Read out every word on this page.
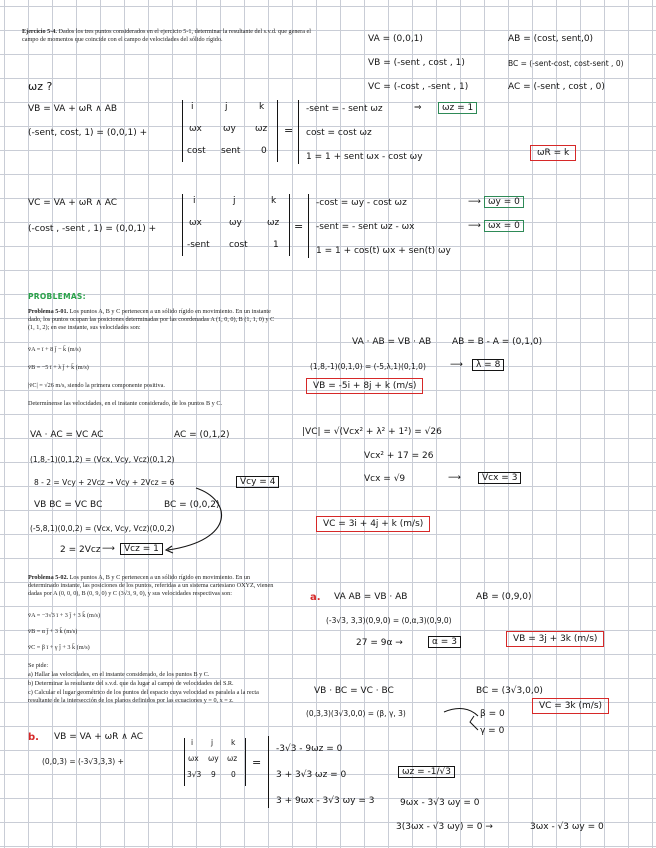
Ejercicio 5-4. Dados los tres puntos considerados en el ejercicio 5-1, determinar la resultante del s.v.d. que genera el campo de momentos que coincide con el campo de velocidades del sólido rígido.	VA = (0,0,1)
VB = (-sent , cost , 1)
VC = (-cost , -sent , 1)
AB = (cost, sent,0)
BC = (-sent-cost, cost-sent , 0)
AC = (-sent , cost , 0)
ωz ?
VB = VA + ωR ∧ AB
(-sent, cost, 1) = (0,0,1) +
i	j	k
ωx ωy ωz
cost sent 0
=
-sent = - sent ωz	⇒	ωz = 1
cost = cost ωz
1 = 1 + sent ωx - cost ωy	ωR = k
VC = VA + ωR ∧ AC
(-cost , -sent , 1) = (0,0,1) +
i	j	k
ωx	ωy	ωz
-sent cost	1
=
-cost = ωy - cost ωz	⟶ ωy = 0
-sent = - sent ωz - ωx	⟶ ωx = 0
1 = 1 + cos(t) ωx + sen(t) ωy
PROBLEMAS:
Problema 5-01. Los puntos A, B y C pertenecen a un sólido rígido en movimiento. En un instante dado, los puntos ocupan las posiciones determinadas por las coordenadas A (1, 0, 0), B (1, 1, 0) y C (1, 1, 2); en ese instante, sus velocidades son:
v̄A = ī + 8 j̄ − k̄ (m/s)
v̄B = −5 ī + λ j̄ + k̄ (m/s)
|v̄C| = √26 m/s, siendo la primera componente positiva.
Determínense las velocidades, en el instante considerado, de los puntos B y C.
VA · AB = VB · AB AB = B - A = (0,1,0)
(1,8,-1)(0,1,0) = (-5,λ,1)(0,1,0)	⟶	λ = 8
VB = -5i + 8j + k (m/s)
|VC| = √(Vcx² + λ² + 1²) = √26
Vcx² + 17 = 26
Vcx = √9	⟶	Vcx = 3
VC = 3i + 4j + k (m/s)
VA · AC = VC AC	AC = (0,1,2)
(1,8,-1)(0,1,2) = (Vcx, Vcy, Vcz)(0,1,2)
8 - 2 = Vcy + 2Vcz → Vcy + 2Vcz = 6	Vcy = 4
VB BC = VC BC	BC = (0,0,2)
(-5,8,1)(0,0,2) = (Vcx, Vcy, Vcz)(0,0,2)
2 = 2Vcz ⟶	Vcz = 1
Problema 5-02. Los puntos A, B y C pertenecen a un sólido rígido en movimiento. En un determinado instante, las posiciones de los puntos, referidas a un sistema cartesiano OXYZ, vienen dadas por A (0, 0, 0), B (0, 9, 0) y C (3√3, 9, 0), y sus velocidades respectivas son:
v̄A = −3√3 ī + 3 j̄ + 3 k̄ (m/s)
v̄B = α j̄ + 3 k̄ (m/s)
v̄C = β ī + γ j̄ + 3 k̄ (m/s)
Se pide:
a) Hallar las velocidades, en el instante considerado, de los puntos B y C.
b) Determinar la resultante del s.v.d. que da lugar al campo de velocidades del S.R.
c) Calcular el lugar geométrico de los puntos del espacio cuya velocidad es paralela a la recta resultante de la intersección de los planos definidos por las ecuaciones y = 0, x = z.
a. VA AB = VB · AB	AB = (0,9,0)
(-3√3, 3,3)(0,9,0) = (0,α,3)(0,9,0)
27 = 9α →	α = 3	VB = 3j + 3k (m/s)
VB · BC = VC · BC	BC = (3√3,0,0)
(0,3,3)(3√3,0,0) = (β, γ, 3)	β = 0
γ = 0
VC = 3k (m/s)
b. VB = VA + ωR ∧ AC
(0,0,3) = (-3√3,3,3) +
i j k
ωx ωy ωz
3√3 9 0
=
-3√3 - 9ωz = 0
3 + 3√3 ωz = 0
3 + 9ωx - 3√3 ωy = 3
ωz = -1/√3
9ωx - 3√3 ωy = 0
3(3ωx - √3 ωy) = 0 →	3ωx - √3 ωy = 0
